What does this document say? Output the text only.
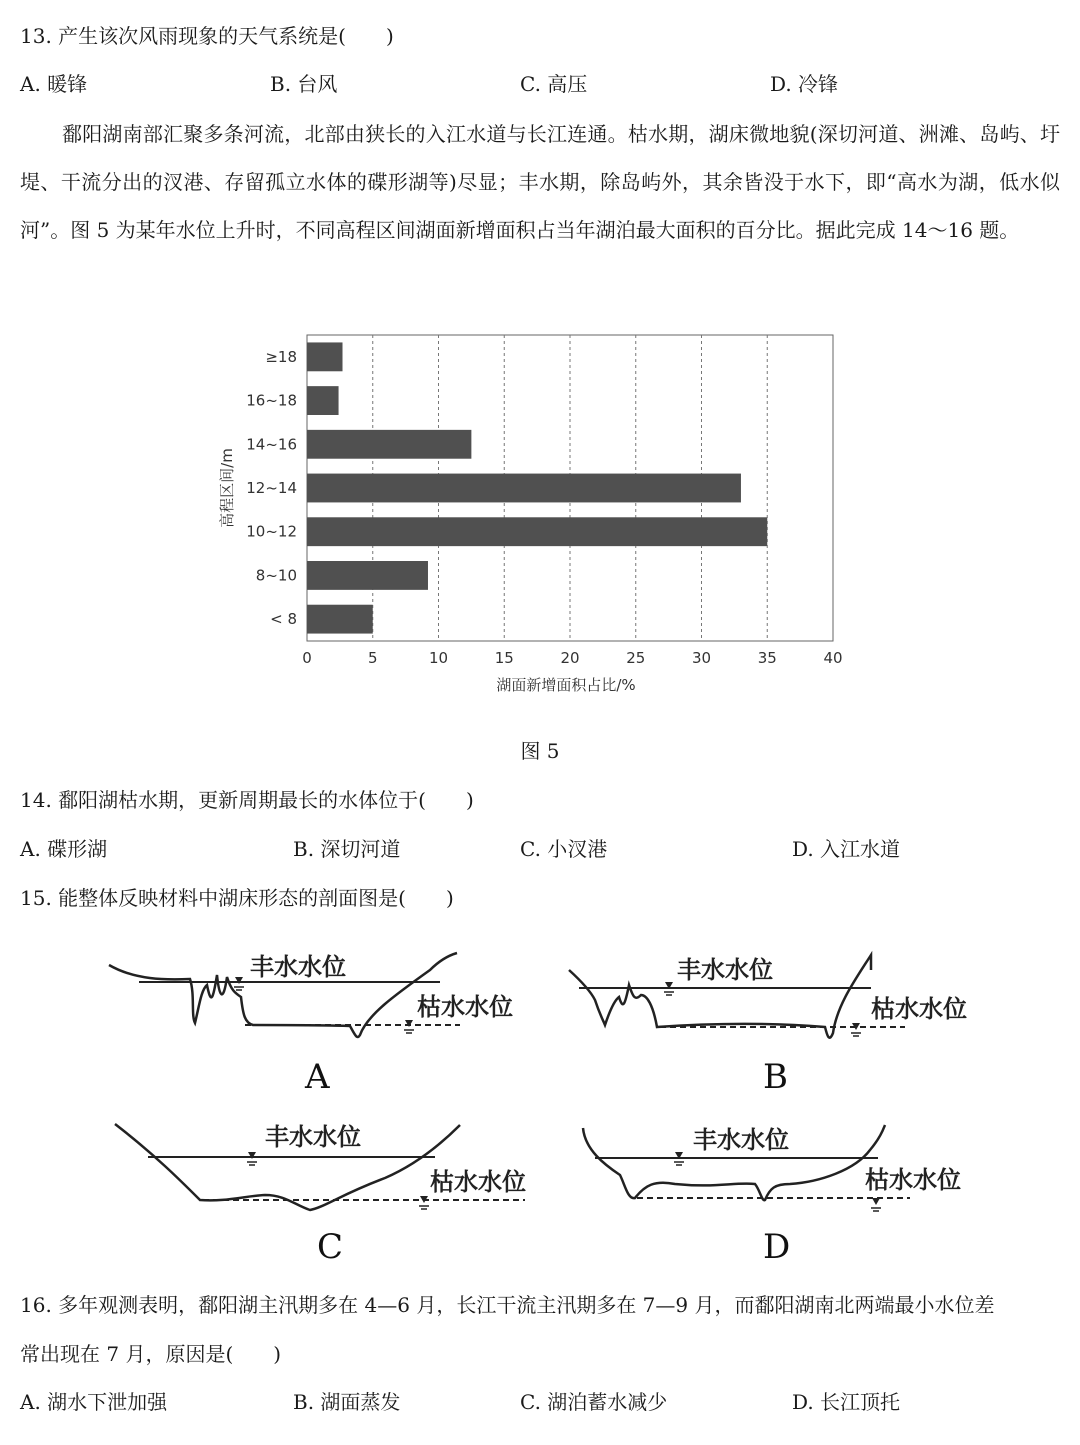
13. 产生该次风雨现象的天气系统是(　　)
A. 暖锋	B. 台风	C. 高压	D. 冷锋
鄱阳湖南部汇聚多条河流，北部由狭长的入江水道与长江连通。枯水期，湖床微地貌(深切河道、洲滩、岛屿、圩堤、干流分出的汊港、存留孤立水体的碟形湖等)尽显；丰水期，除岛屿外，其余皆没于水下，即“高水为湖，低水似河”。图 5 为某年水位上升时，不同高程区间湖面新增面积占当年湖泊最大面积的百分比。据此完成 14～16 题。
≥18
16~18
14~16
12~14
10~12
8~10
< 8
0	5	10	15	20	25	30	35	40
湖面新增面积占比/%
高程区间/m
图 5
14. 鄱阳湖枯水期，更新周期最长的水体位于(　　)
A. 碟形湖	B. 深切河道	C. 小汊港	D. 入江水道
15. 能整体反映材料中湖床形态的剖面图是(　　)
丰水水位
枯水水位
A
丰水水位
枯水水位
B
丰水水位
枯水水位
C
丰水水位
枯水水位
D
16. 多年观测表明，鄱阳湖主汛期多在 4—6 月，长江干流主汛期多在 7—9 月，而鄱阳湖南北两端最小水位差
常出现在 7 月，原因是(　　)
A. 湖水下泄加强	B. 湖面蒸发	C. 湖泊蓄水减少	D. 长江顶托
